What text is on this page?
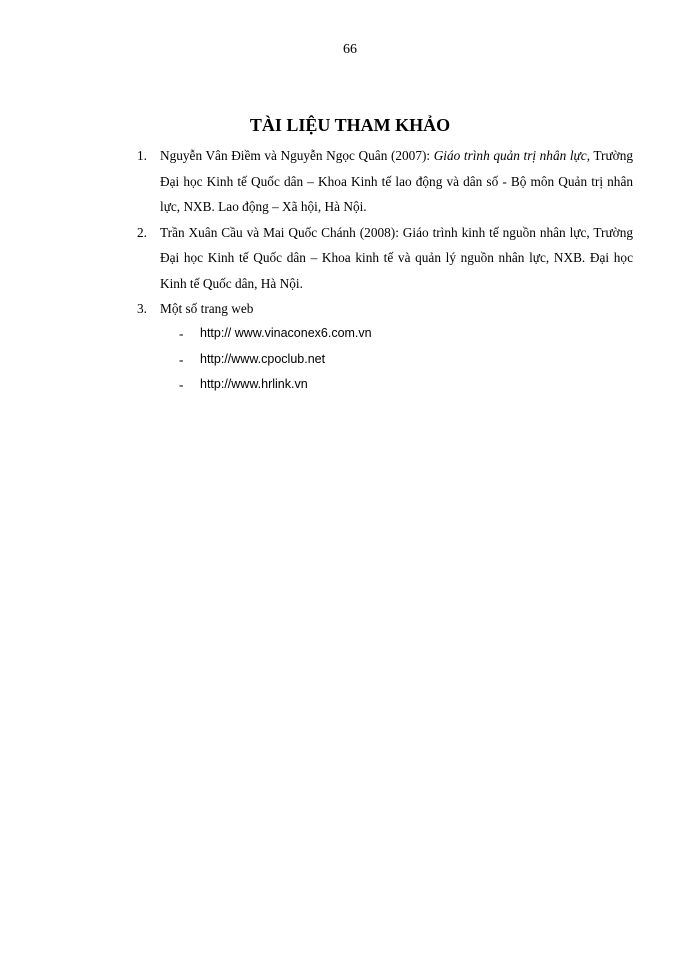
66
TÀI LIỆU THAM KHẢO
1. Nguyễn Vân Điềm và Nguyễn Ngọc Quân (2007): Giáo trình quản trị nhân lực, Trường Đại học Kinh tế Quốc dân – Khoa Kinh tế lao động và dân số - Bộ môn Quản trị nhân lực, NXB. Lao động – Xã hội, Hà Nội.
2. Trần Xuân Cầu và Mai Quốc Chánh (2008): Giáo trình kinh tế nguồn nhân lực, Trường Đại học Kinh tế Quốc dân – Khoa kinh tế và quản lý nguồn nhân lực, NXB. Đại học Kinh tế Quốc dân, Hà Nội.
3. Một số trang web
-	http:// www.vinaconex6.com.vn
-	http://www.cpoclub.net
-	http://www.hrlink.vn
